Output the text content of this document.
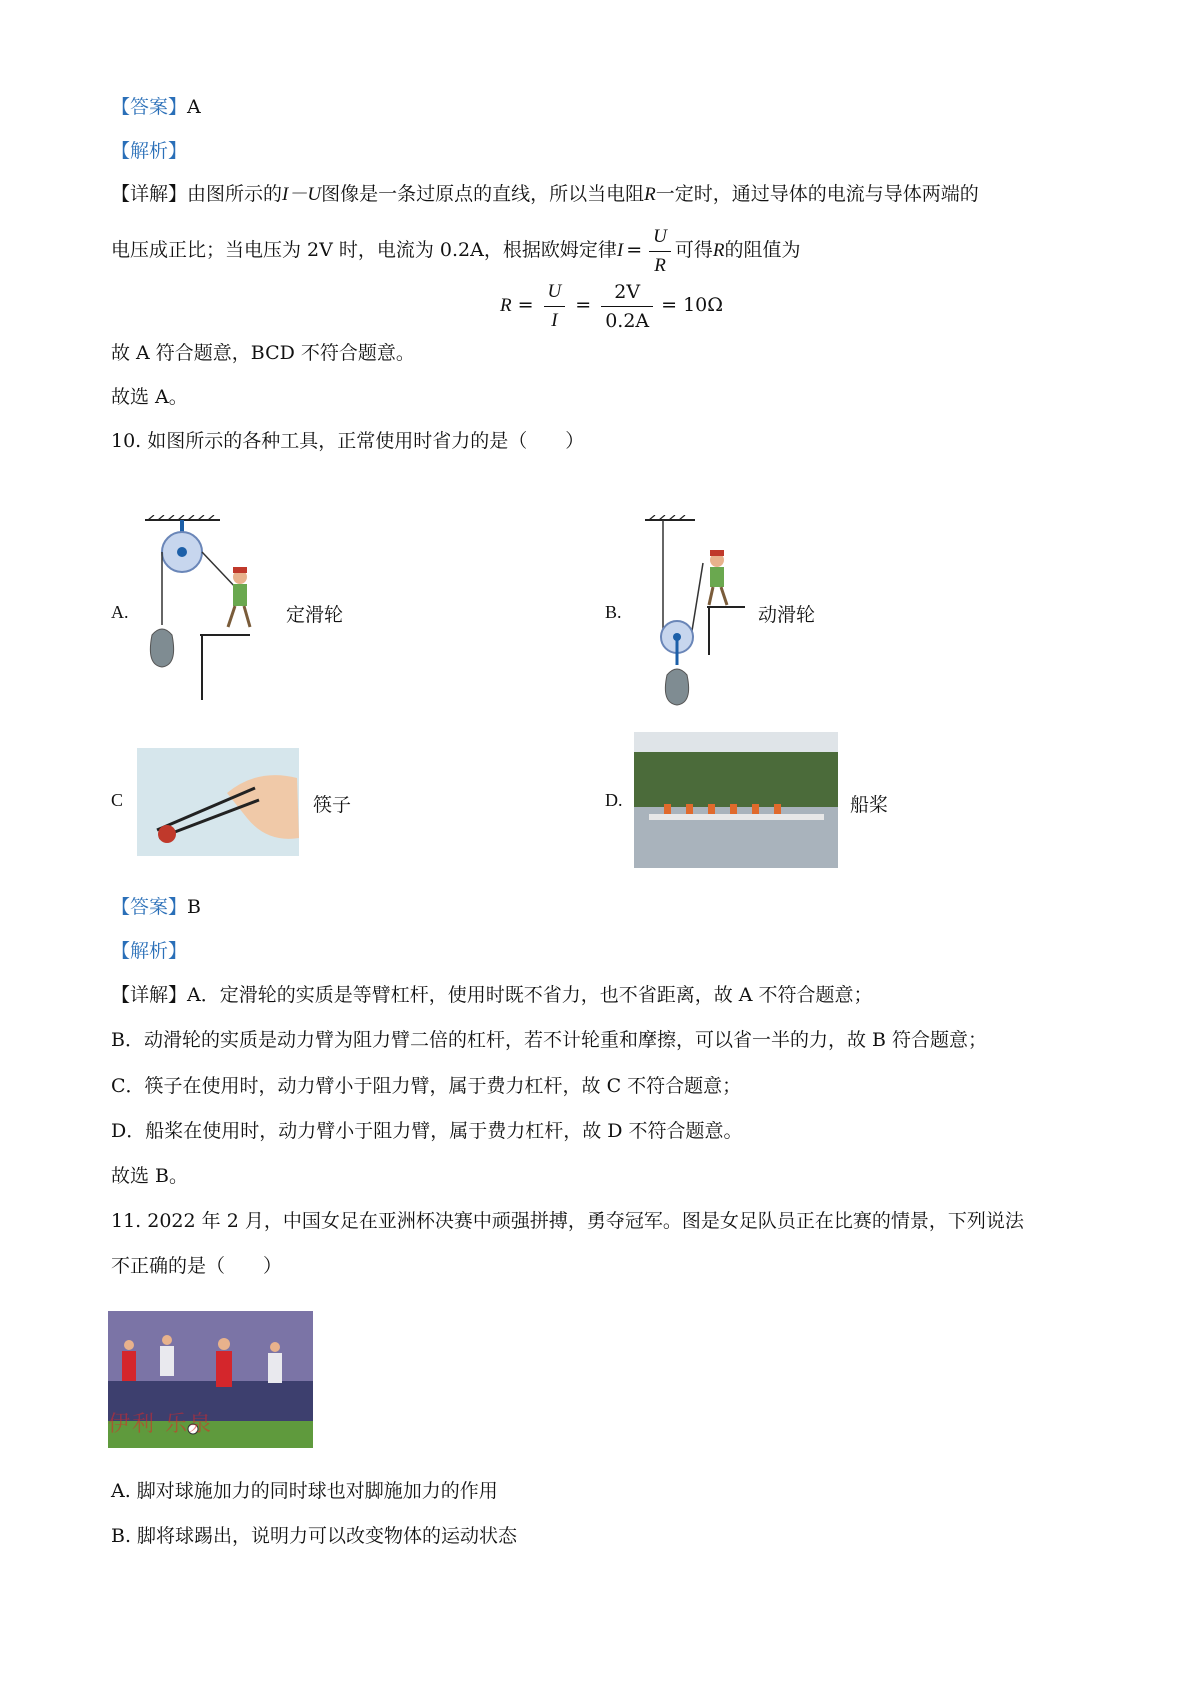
【答案】A
【解析】
【详解】由图所示的I－U图像是一条过原点的直线，所以当电阻R一定时，通过导体的电流与导体两端的
电压成正比；当电压为 2V 时，电流为 0.2A，根据欧姆定律$I = \frac{U}{R}$ 可得R的阻值为
$R = \frac{U}{I} = \frac{2V}{0.2A} = 10\Omega$
故 A 符合题意，BCD 不符合题意。
故选 A。
10. 如图所示的各种工具，正常使用时省力的是（　　）
A.	定滑轮	B.	动滑轮
C	筷子	D.	船桨
【答案】B
【解析】
【详解】A．定滑轮的实质是等臂杠杆，使用时既不省力，也不省距离，故 A 不符合题意；
B．动滑轮的实质是动力臂为阻力臂二倍的杠杆，若不计轮重和摩擦，可以省一半的力，故 B 符合题意；
C．筷子在使用时，动力臂小于阻力臂，属于费力杠杆，故 C 不符合题意；
D．船桨在使用时，动力臂小于阻力臂，属于费力杠杆，故 D 不符合题意。
故选 B。
11. 2022 年 2 月，中国女足在亚洲杯决赛中顽强拼搏，勇夺冠军。图是女足队员正在比赛的情景，下列说法
不正确的是（　　）
伊利 乐泉
A. 脚对球施加力的同时球也对脚施加力的作用
B. 脚将球踢出，说明力可以改变物体的运动状态
